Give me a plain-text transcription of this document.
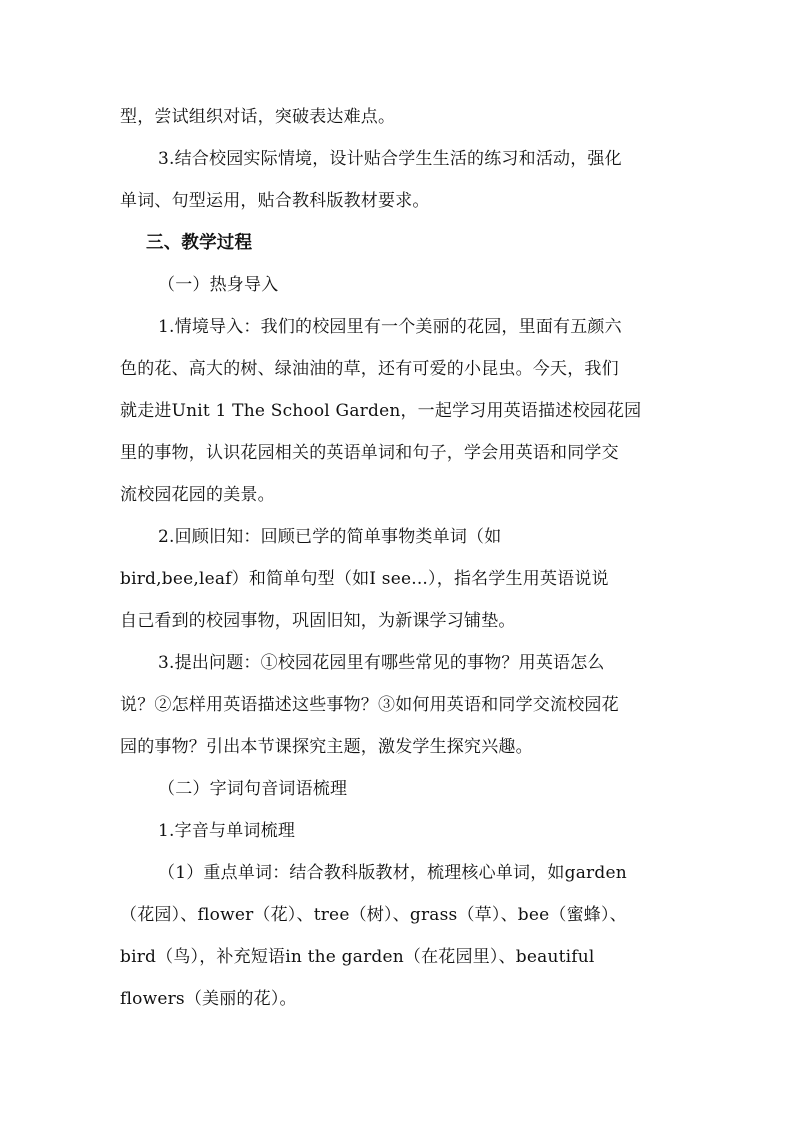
型，尝试组织对话，突破表达难点。
3.结合校园实际情境，设计贴合学生生活的练习和活动，强化
单词、句型运用，贴合教科版教材要求。
三、教学过程
（一）热身导入
1.情境导入：我们的校园里有一个美丽的花园，里面有五颜六
色的花、高大的树、绿油油的草，还有可爱的小昆虫。今天，我们
就走进Unit 1 The School Garden，一起学习用英语描述校园花园
里的事物，认识花园相关的英语单词和句子，学会用英语和同学交
流校园花园的美景。
2.回顾旧知：回顾已学的简单事物类单词（如
bird,bee,leaf）和简单句型（如I see...），指名学生用英语说说
自己看到的校园事物，巩固旧知，为新课学习铺垫。
3.提出问题：①校园花园里有哪些常见的事物？用英语怎么
说？②怎样用英语描述这些事物？③如何用英语和同学交流校园花
园的事物？引出本节课探究主题，激发学生探究兴趣。
（二）字词句音词语梳理
1.字音与单词梳理
（1）重点单词：结合教科版教材，梳理核心单词，如garden
（花园）、flower（花）、tree（树）、grass（草）、bee（蜜蜂）、
bird（鸟），补充短语in the garden（在花园里）、beautiful
flowers（美丽的花）。
